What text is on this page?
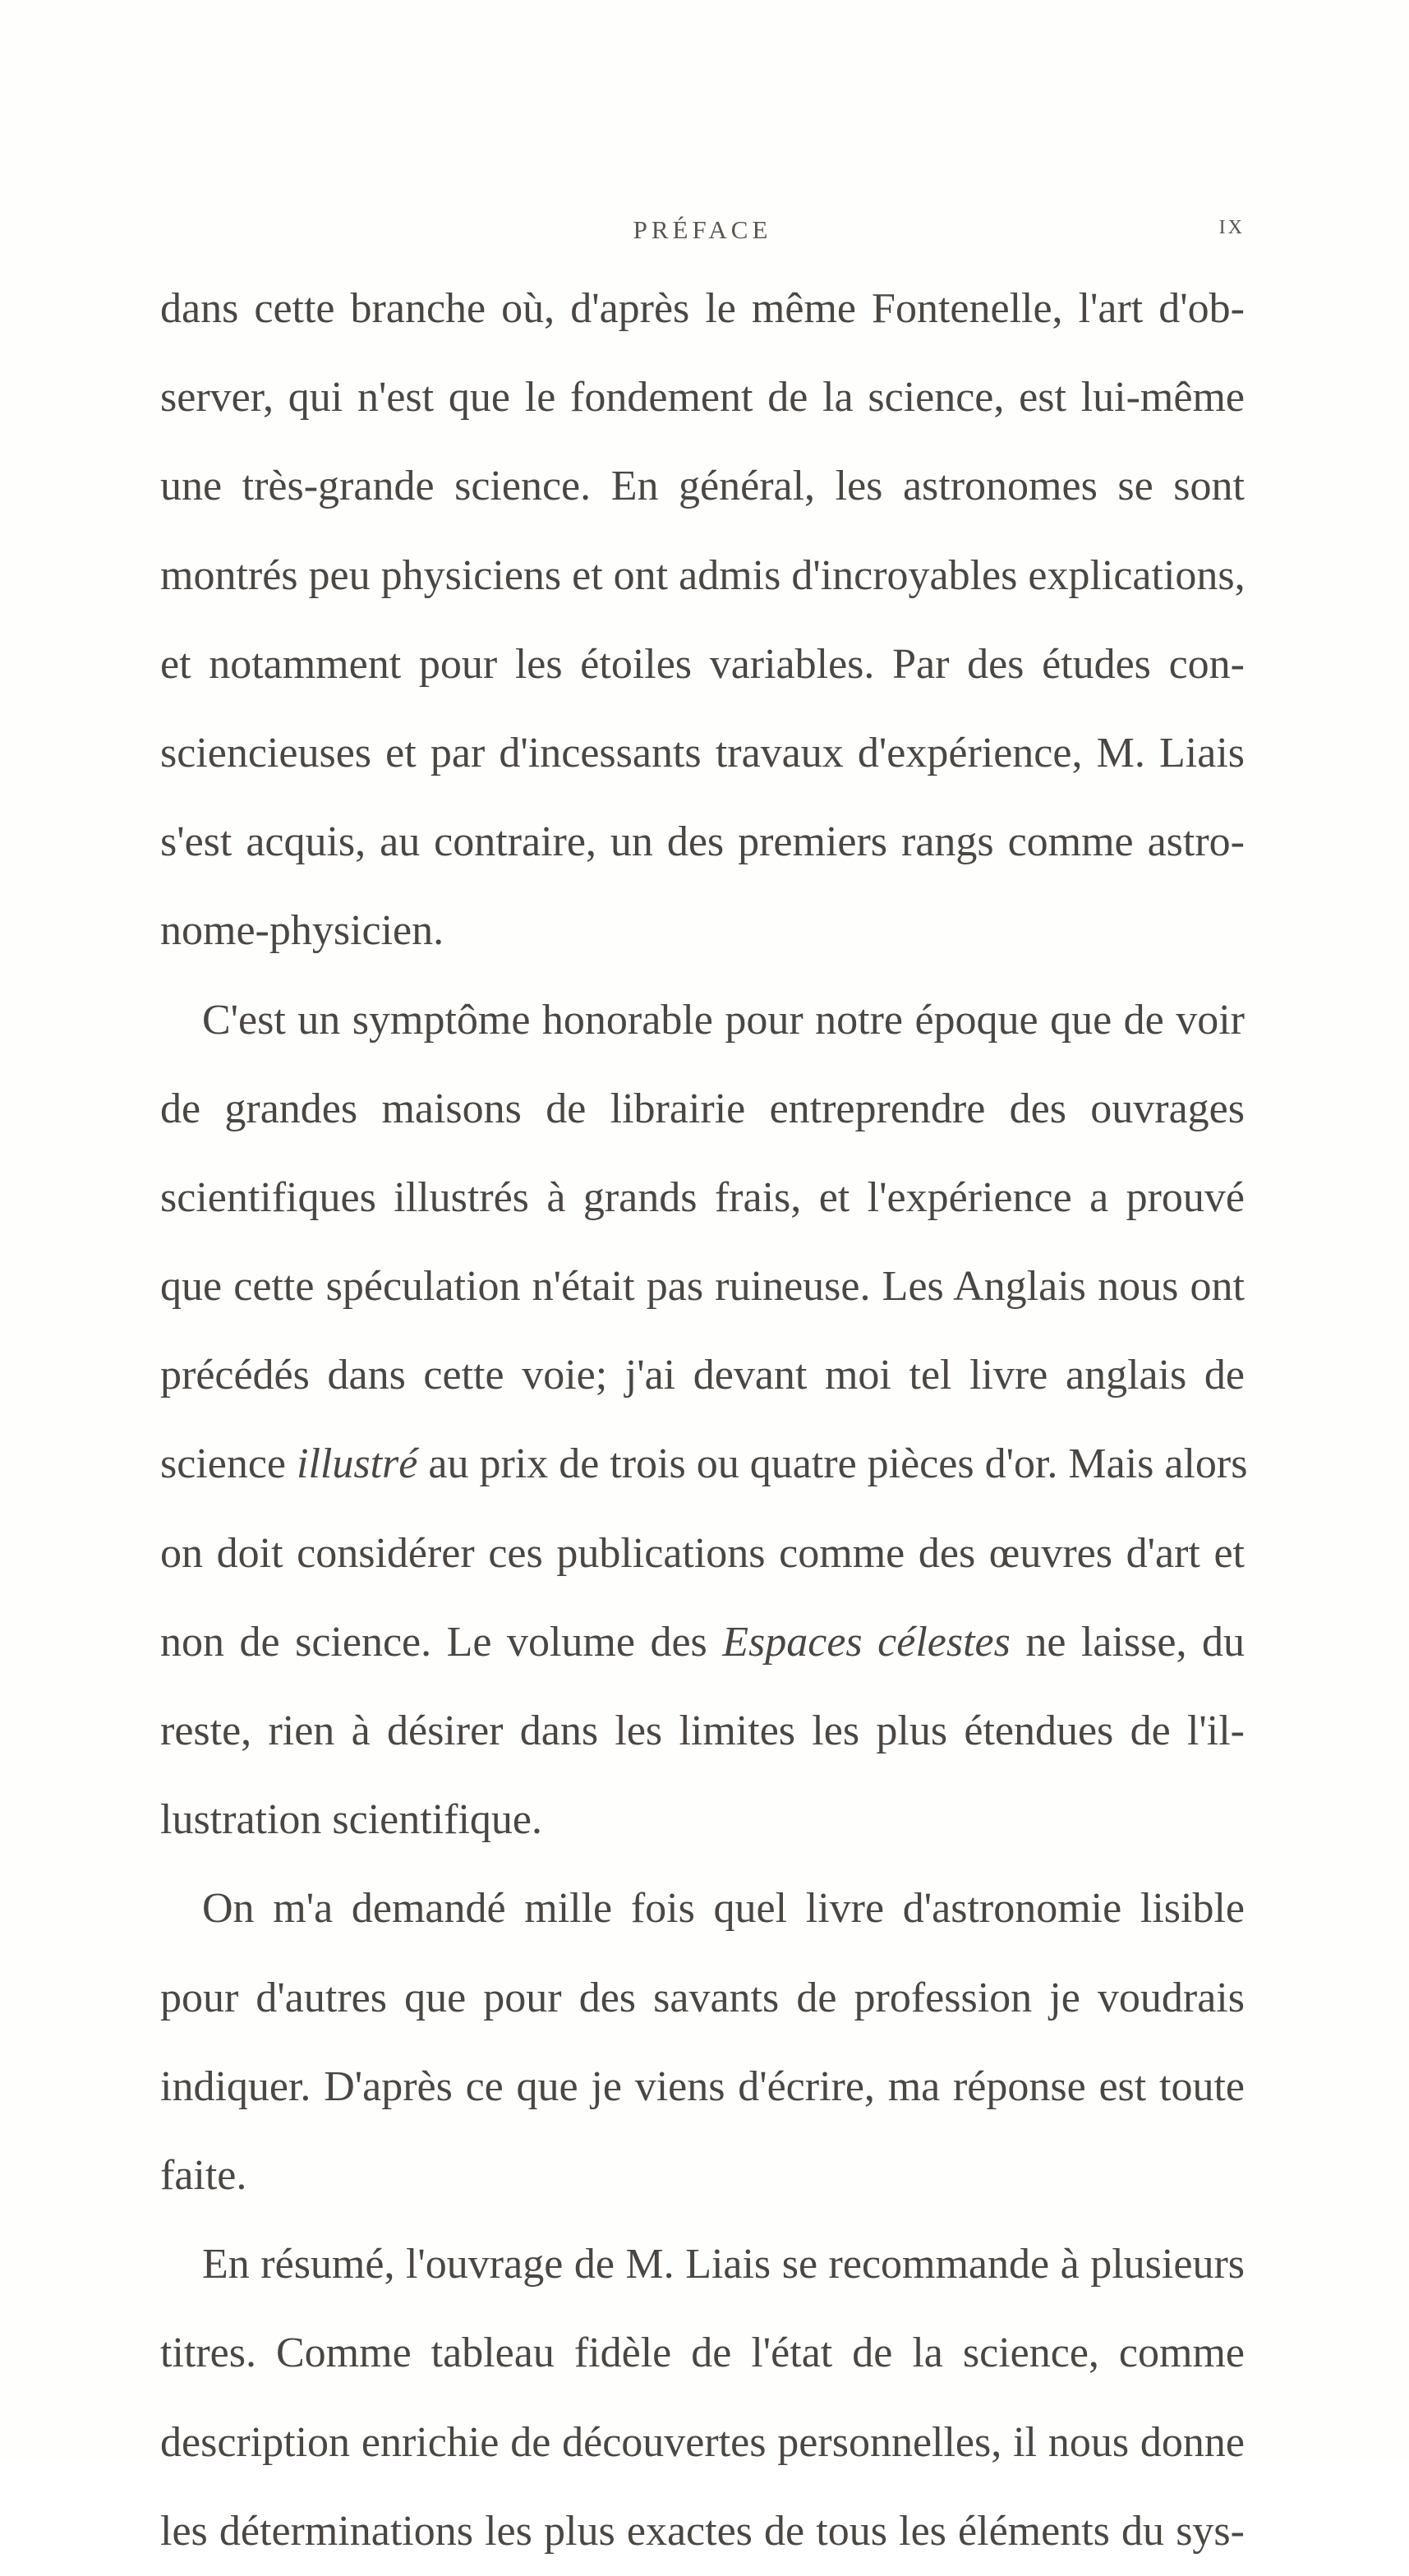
PRÉFACE	IX
dans cette branche où, d'après le même Fontenelle, l'art d'ob-
server, qui n'est que le fondement de la science, est lui-même
une très-grande science. En général, les astronomes se sont
montrés peu physiciens et ont admis d'incroyables explications,
et notamment pour les étoiles variables. Par des études con-
sciencieuses et par d'incessants travaux d'expérience, M. Liais
s'est acquis, au contraire, un des premiers rangs comme astro-
nome-physicien.
C'est un symptôme honorable pour notre époque que de voir
de grandes maisons de librairie entreprendre des ouvrages
scientifiques illustrés à grands frais, et l'expérience a prouvé
que cette spéculation n'était pas ruineuse. Les Anglais nous ont
précédés dans cette voie; j'ai devant moi tel livre anglais de
science illustré au prix de trois ou quatre pièces d'or. Mais alors
on doit considérer ces publications comme des œuvres d'art et
non de science. Le volume des Espaces célestes ne laisse, du
reste, rien à désirer dans les limites les plus étendues de l'il-
lustration scientifique.
On m'a demandé mille fois quel livre d'astronomie lisible
pour d'autres que pour des savants de profession je voudrais
indiquer. D'après ce que je viens d'écrire, ma réponse est toute
faite.
En résumé, l'ouvrage de M. Liais se recommande à plusieurs
titres. Comme tableau fidèle de l'état de la science, comme
description enrichie de découvertes personnelles, il nous donne
les déterminations les plus exactes de tous les éléments du sys-
